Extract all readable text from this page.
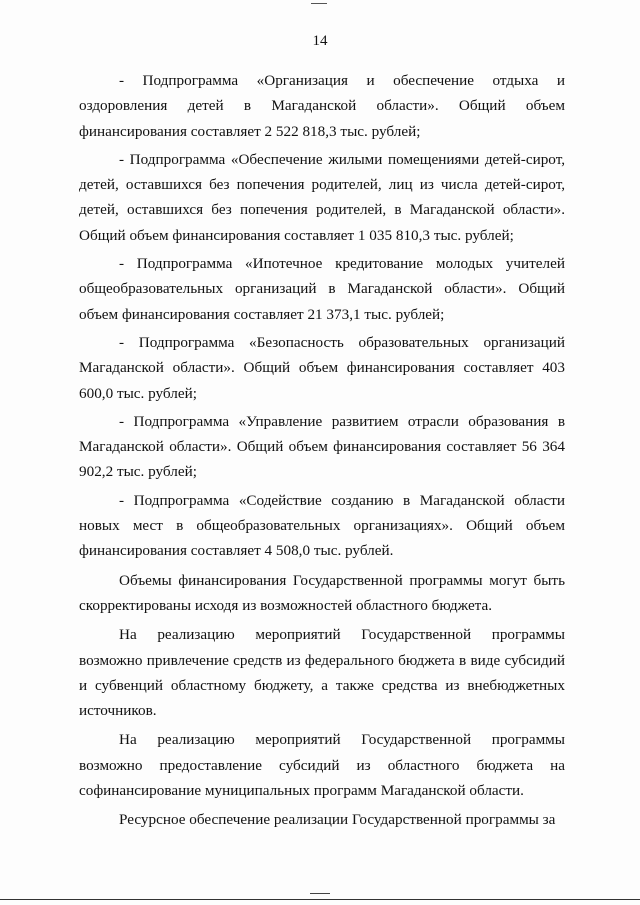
14

- Подпрограмма «Организация и обеспечение отдыха и оздоровления детей в Магаданской области». Общий объем финансирования составляет 2 522 818,3 тыс. рублей;

- Подпрограмма «Обеспечение жилыми помещениями детей-сирот, детей, оставшихся без попечения родителей, лиц из числа детей-сирот, детей, оставшихся без попечения родителей, в Магаданской области». Общий объем финансирования составляет 1 035 810,3 тыс. рублей;

- Подпрограмма «Ипотечное кредитование молодых учителей общеобразовательных организаций в Магаданской области». Общий объем финансирования составляет 21 373,1 тыс. рублей;

- Подпрограмма «Безопасность образовательных организаций Магаданской области». Общий объем финансирования составляет 403 600,0 тыс. рублей;

- Подпрограмма «Управление развитием отрасли образования в Магаданской области». Общий объем финансирования составляет 56 364 902,2 тыс. рублей;

- Подпрограмма «Содействие созданию в Магаданской области новых мест в общеобразовательных организациях». Общий объем финансирования составляет 4 508,0 тыс. рублей.

Объемы финансирования Государственной программы могут быть скорректированы исходя из возможностей областного бюджета.

На реализацию мероприятий Государственной программы возможно привлечение средств из федерального бюджета в виде субсидий и субвенций областному бюджету, а также средства из внебюджетных источников.

На реализацию мероприятий Государственной программы возможно предоставление субсидий из областного бюджета на софинансирование муниципальных программ Магаданской области.

Ресурсное обеспечение реализации Государственной программы за
